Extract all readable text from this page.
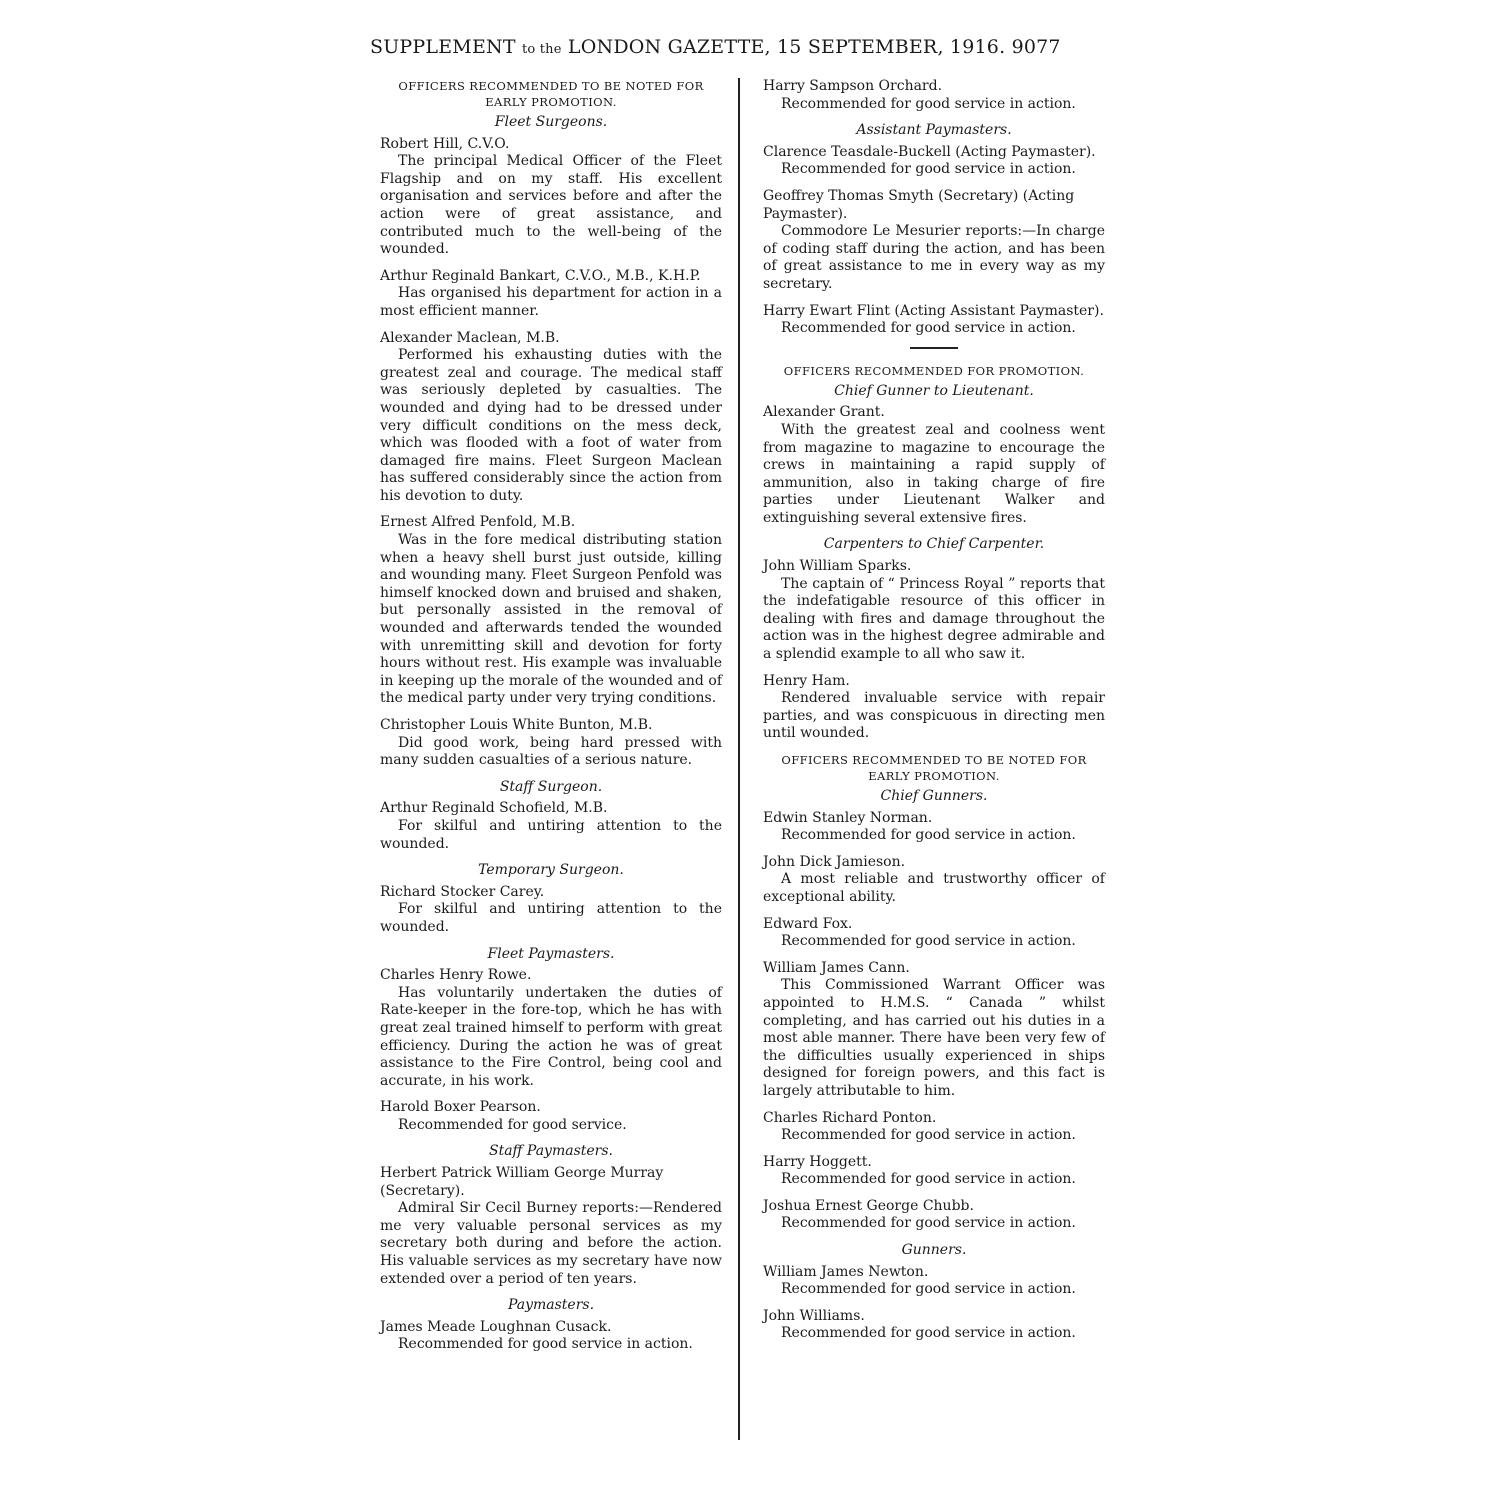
SUPPLEMENT to the LONDON GAZETTE, 15 SEPTEMBER, 1916. 9077
OFFICERS RECOMMENDED TO BE NOTED FOR EARLY PROMOTION.
Fleet Surgeons.

Robert Hill, C.V.O.

The principal Medical Officer of the Fleet Flagship and on my staff. His excellent organisation and services before and after the action were of great assistance, and contributed much to the well-being of the wounded.

Arthur Reginald Bankart, C.V.O., M.B., K.H.P.

Has organised his department for action in a most efficient manner.

Alexander Maclean, M.B.

Performed his exhausting duties with the greatest zeal and courage. The medical staff was seriously depleted by casualties. The wounded and dying had to be dressed under very difficult conditions on the mess deck, which was flooded with a foot of water from damaged fire mains. Fleet Surgeon Maclean has suffered considerably since the action from his devotion to duty.

Ernest Alfred Penfold, M.B.

Was in the fore medical distributing station when a heavy shell burst just outside, killing and wounding many. Fleet Surgeon Penfold was himself knocked down and bruised and shaken, but personally assisted in the removal of wounded and afterwards tended the wounded with unremitting skill and devotion for forty hours without rest. His example was invaluable in keeping up the morale of the wounded and of the medical party under very trying conditions.

Christopher Louis White Bunton, M.B.

Did good work, being hard pressed with many sudden casualties of a serious nature.

Staff Surgeon.

Arthur Reginald Schofield, M.B.

For skilful and untiring attention to the wounded.

Temporary Surgeon.

Richard Stocker Carey.

For skilful and untiring attention to the wounded.

Fleet Paymasters.

Charles Henry Rowe.

Has voluntarily undertaken the duties of Rate-keeper in the fore-top, which he has with great zeal trained himself to perform with great efficiency. During the action he was of great assistance to the Fire Control, being cool and accurate, in his work.

Harold Boxer Pearson.

Recommended for good service.

Staff Paymasters.

Herbert Patrick William George Murray (Secretary).

Admiral Sir Cecil Burney reports:—Rendered me very valuable personal services as my secretary both during and before the action. His valuable services as my secretary have now extended over a period of ten years.

Paymasters.

James Meade Loughnan Cusack.

Recommended for good service in action.

Harry Sampson Orchard.

Recommended for good service in action.

Assistant Paymasters.

Clarence Teasdale-Buckell (Acting Paymaster).

Recommended for good service in action.

Geoffrey Thomas Smyth (Secretary) (Acting Paymaster).

Commodore Le Mesurier reports:—In charge of coding staff during the action, and has been of great assistance to me in every way as my secretary.

Harry Ewart Flint (Acting Assistant Paymaster).

Recommended for good service in action.

OFFICERS RECOMMENDED FOR PROMOTION.
Chief Gunner to Lieutenant.

Alexander Grant.

With the greatest zeal and coolness went from magazine to magazine to encourage the crews in maintaining a rapid supply of ammunition, also in taking charge of fire parties under Lieutenant Walker and extinguishing several extensive fires.

Carpenters to Chief Carpenter.

John William Sparks.

The captain of “ Princess Royal ” reports that the indefatigable resource of this officer in dealing with fires and damage throughout the action was in the highest degree admirable and a splendid example to all who saw it.

Henry Ham.

Rendered invaluable service with repair parties, and was conspicuous in directing men until wounded.

OFFICERS RECOMMENDED TO BE NOTED FOR EARLY PROMOTION.
Chief Gunners.

Edwin Stanley Norman.

Recommended for good service in action.

John Dick Jamieson.

A most reliable and trustworthy officer of exceptional ability.

Edward Fox.

Recommended for good service in action.

William James Cann.

This Commissioned Warrant Officer was appointed to H.M.S. “ Canada ” whilst completing, and has carried out his duties in a most able manner. There have been very few of the difficulties usually experienced in ships designed for foreign powers, and this fact is largely attributable to him.

Charles Richard Ponton.

Recommended for good service in action.

Harry Hoggett.

Recommended for good service in action.

Joshua Ernest George Chubb.

Recommended for good service in action.

Gunners.

William James Newton.

Recommended for good service in action.

John Williams.

Recommended for good service in action.
